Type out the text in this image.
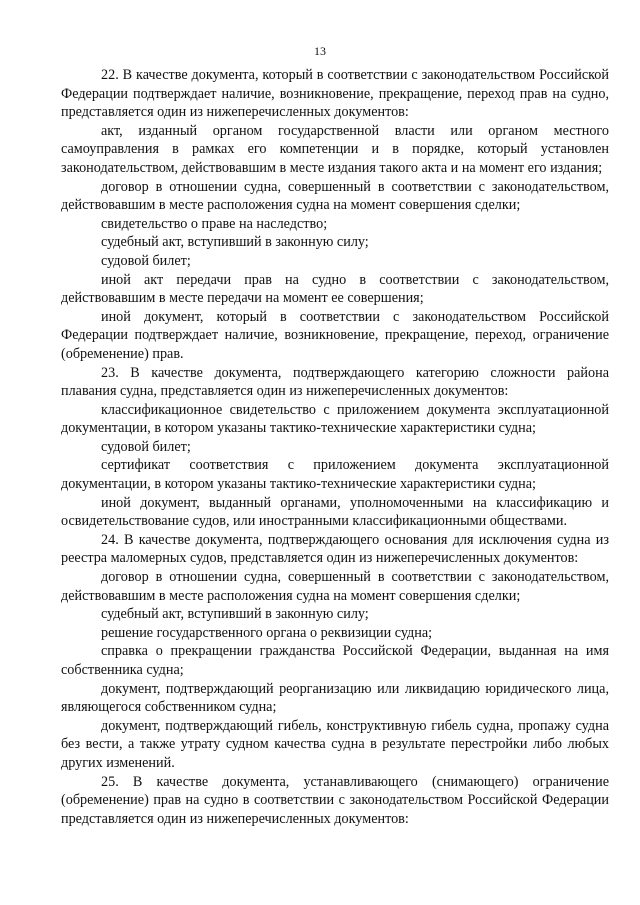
13

22. В качестве документа, который в соответствии с законодательством Российской Федерации подтверждает наличие, возникновение, прекращение, переход прав на судно, представляется один из нижеперечисленных документов:

акт, изданный органом государственной власти или органом местного самоуправления в рамках его компетенции и в порядке, который установлен законодательством, действовавшим в месте издания такого акта и на момент его издания;

договор в отношении судна, совершенный в соответствии с законодательством, действовавшим в месте расположения судна на момент совершения сделки;

свидетельство о праве на наследство;

судебный акт, вступивший в законную силу;

судовой билет;

иной акт передачи прав на судно в соответствии с законодательством, действовавшим в месте передачи на момент ее совершения;

иной документ, который в соответствии с законодательством Российской Федерации подтверждает наличие, возникновение, прекращение, переход, ограничение (обременение) прав.

23. В качестве документа, подтверждающего категорию сложности района плавания судна, представляется один из нижеперечисленных документов:

классификационное свидетельство с приложением документа эксплуатационной документации, в котором указаны тактико-технические характеристики судна;

судовой билет;

сертификат соответствия с приложением документа эксплуатационной документации, в котором указаны тактико-технические характеристики судна;

иной документ, выданный органами, уполномоченными на классификацию и освидетельствование судов, или иностранными классификационными обществами.

24. В качестве документа, подтверждающего основания для исключения судна из реестра маломерных судов, представляется один из нижеперечисленных документов:

договор в отношении судна, совершенный в соответствии с законодательством, действовавшим в месте расположения судна на момент совершения сделки;

судебный акт, вступивший в законную силу;

решение государственного органа о реквизиции судна;

справка о прекращении гражданства Российской Федерации, выданная на имя собственника судна;

документ, подтверждающий реорганизацию или ликвидацию юридического лица, являющегося собственником судна;

документ, подтверждающий гибель, конструктивную гибель судна, пропажу судна без вести, а также утрату судном качества судна в результате перестройки либо любых других изменений.

25. В качестве документа, устанавливающего (снимающего) ограничение (обременение) прав на судно в соответствии с законодательством Российской Федерации представляется один из нижеперечисленных документов:
